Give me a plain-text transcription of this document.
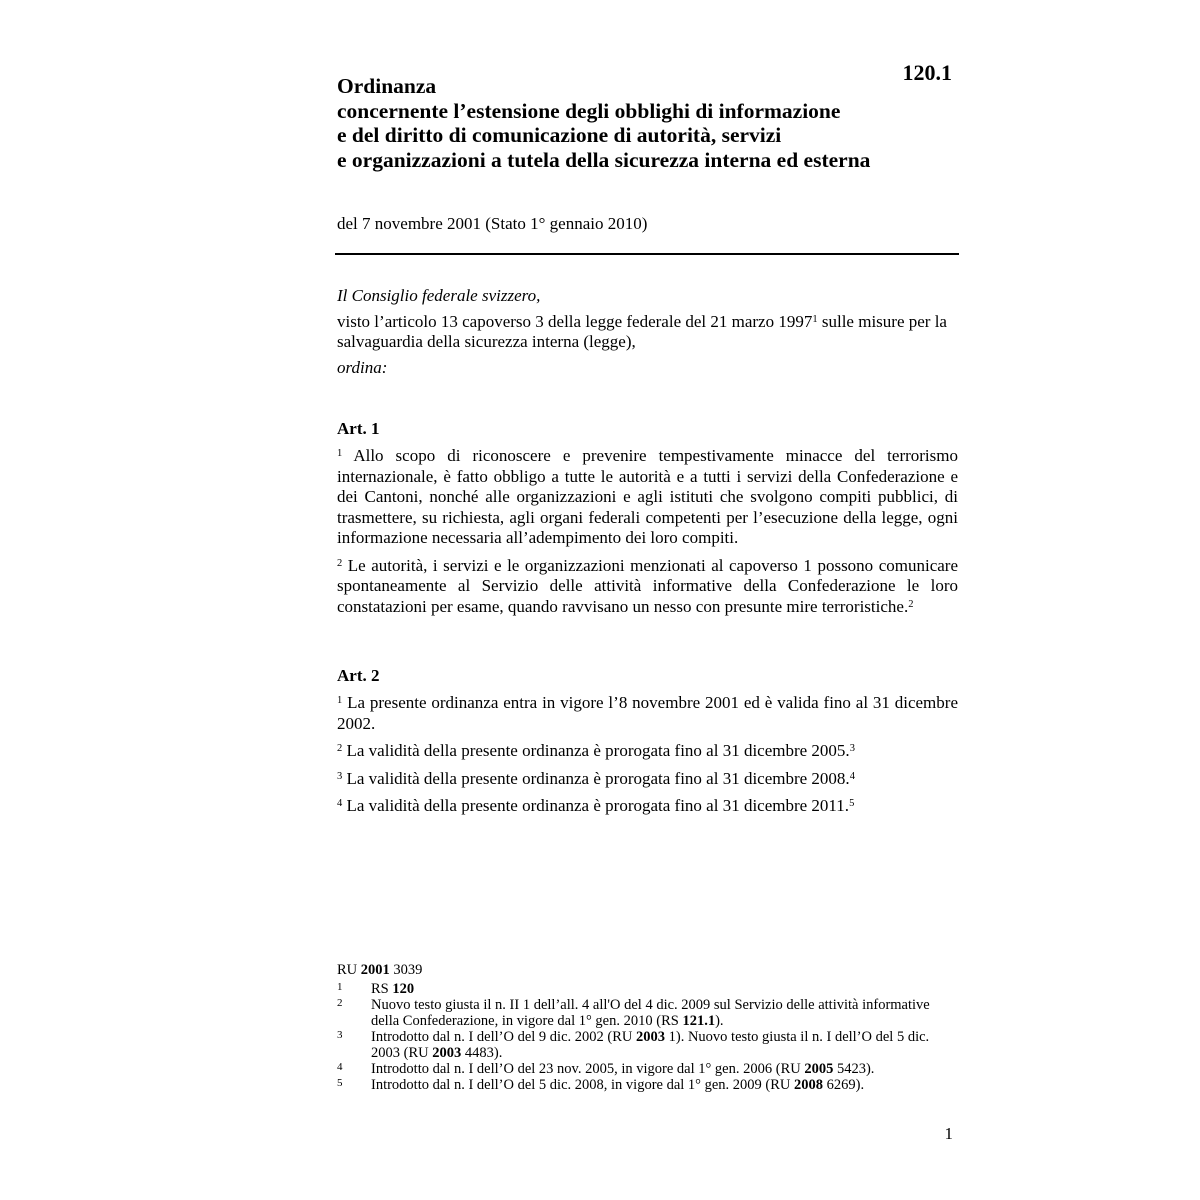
120.1
Ordinanza
concernente l’estensione degli obblighi di informazione
e del diritto di comunicazione di autorità, servizi
e organizzazioni a tutela della sicurezza interna ed esterna
del 7 novembre 2001 (Stato 1° gennaio 2010)
Il Consiglio federale svizzero,
visto l’articolo 13 capoverso 3 della legge federale del 21 marzo 1997$^1$ sulle misure per la salvaguardia della sicurezza interna (legge),
ordina:
Art. 1
$^1$ Allo scopo di riconoscere e prevenire tempestivamente minacce del terrorismo internazionale, è fatto obbligo a tutte le autorità e a tutti i servizi della Confederazione e dei Cantoni, nonché alle organizzazioni e agli istituti che svolgono compiti pubblici, di trasmettere, su richiesta, agli organi federali competenti per l’esecuzione della legge, ogni informazione necessaria all’adempimento dei loro compiti.
$^2$ Le autorità, i servizi e le organizzazioni menzionati al capoverso 1 possono comunicare spontaneamente al Servizio delle attività informative della Confederazione le loro constatazioni per esame, quando ravvisano un nesso con presunte mire terroristiche.$^2$
Art. 2
$^1$ La presente ordinanza entra in vigore l’8 novembre 2001 ed è valida fino al 31 dicembre 2002.
$^2$ La validità della presente ordinanza è prorogata fino al 31 dicembre 2005.$^3$
$^3$ La validità della presente ordinanza è prorogata fino al 31 dicembre 2008.$^4$
$^4$ La validità della presente ordinanza è prorogata fino al 31 dicembre 2011.$^5$
RU 2001 3039
1	RS 120
2	Nuovo testo giusta il n. II 1 dell’all. 4 all'O del 4 dic. 2009 sul Servizio delle attività informative della Confederazione, in vigore dal 1° gen. 2010 (RS 121.1).
3	Introdotto dal n. I dell’O del 9 dic. 2002 (RU 2003 1). Nuovo testo giusta il n. I dell’O del 5 dic. 2003 (RU 2003 4483).
4	Introdotto dal n. I dell’O del 23 nov. 2005, in vigore dal 1° gen. 2006 (RU 2005 5423).
5	Introdotto dal n. I dell’O del 5 dic. 2008, in vigore dal 1° gen. 2009 (RU 2008 6269).
1
